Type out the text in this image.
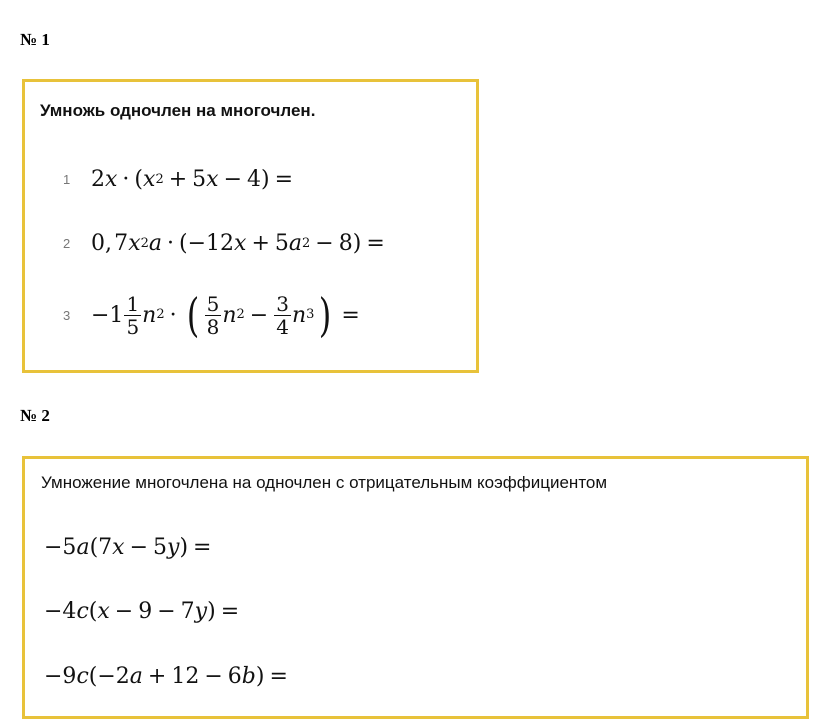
№ 1
Умножь одночлен на многочлен.
1 2 x · ( x 2 + 5 x − 4) =
2 0, 7 x 2 a · (−12 x + 5 a 2 − 8) =
$3 -1 \frac{1}{5}$ n 2 · ( $\frac{5}{8}$ n $2 - \frac{3}{4}$ n 3 ) =
№ 2
Умножение многочлена на одночлен с отрицательным коэффициентом
−5 a (7 x − 5 y ) =
−4 c ( x − 9 − 7 y ) =
−9 c (−2 a + 12 − 6 b ) =
